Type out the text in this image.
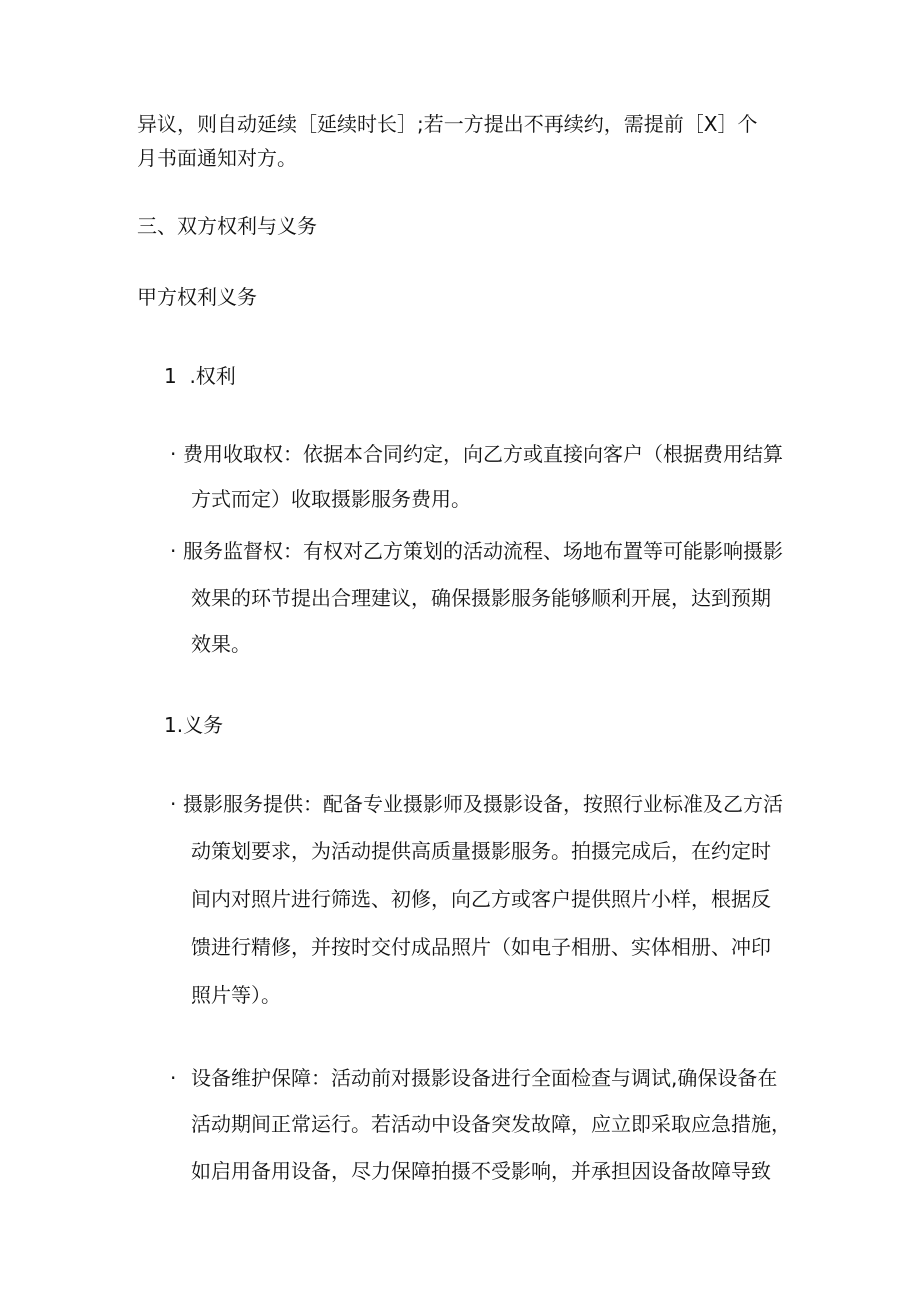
异议，则自动延续［延续时长］;若一方提出不再续约，需提前［X］个
月书面通知对方。
三、双方权利与义务
甲方权利义务
1  .权利
· 费用收取权：依据本合同约定，向乙方或直接向客户（根据费用结算
方式而定）收取摄影服务费用。
· 服务监督权：有权对乙方策划的活动流程、场地布置等可能影响摄影
效果的环节提出合理建议，确保摄影服务能够顺利开展，达到预期
效果。
1.义务
· 摄影服务提供：配备专业摄影师及摄影设备，按照行业标准及乙方活
动策划要求，为活动提供高质量摄影服务。拍摄完成后，在约定时
间内对照片进行筛选、初修，向乙方或客户提供照片小样，根据反
馈进行精修，并按时交付成品照片（如电子相册、实体相册、冲印
照片等）。
· 设备维护保障：活动前对摄影设备进行全面检查与调试,确保设备在
活动期间正常运行。若活动中设备突发故障，应立即采取应急措施，
如启用备用设备，尽力保障拍摄不受影响，并承担因设备故障导致
